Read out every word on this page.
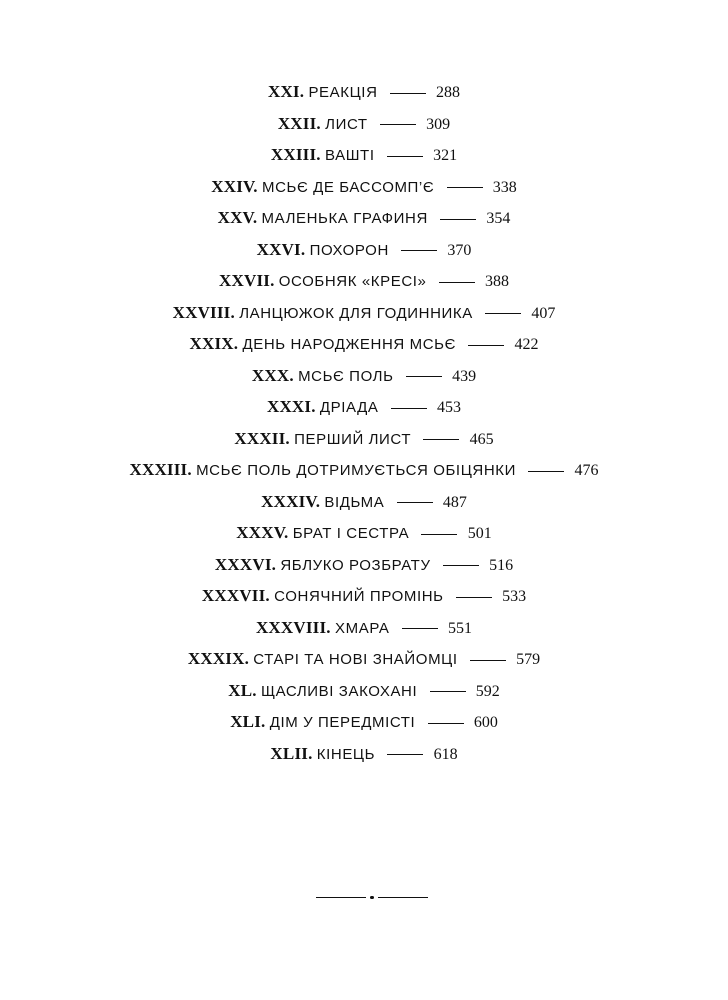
XXI. РЕАКЦІЯ	288
XXII. ЛИСТ	309
XXIII. ВАШТІ	321
XXIV. МСЬЄ ДЕ БАССОМП’Є	338
XXV. МАЛЕНЬКА ГРАФИНЯ	354
XXVI. ПОХОРОН	370
XXVII. ОСОБНЯК «КРЕСІ»	388
XXVIII. ЛАНЦЮЖОК ДЛЯ ГОДИННИКА	407
XXIX. ДЕНЬ НАРОДЖЕННЯ МСЬЄ	422
XXX. МСЬЄ ПОЛЬ	439
XXXI. ДРІАДА	453
XXXII. ПЕРШИЙ ЛИСТ	465
XXXIII. МСЬЄ ПОЛЬ ДОТРИМУЄТЬСЯ ОБІЦЯНКИ	476
XXXIV. ВІДЬМА	487
XXXV. БРАТ І СЕСТРА	501
XXXVI. ЯБЛУКО РОЗБРАТУ	516
XXXVII. СОНЯЧНИЙ ПРОМІНЬ	533
XXXVIII. ХМАРА	551
XXXIX. СТАРІ ТА НОВІ ЗНАЙОМЦІ	579
XL. ЩАСЛИВІ ЗАКОХАНІ	592
XLI. ДІМ У ПЕРЕДМІСТІ	600
XLII. КІНЕЦЬ	618
